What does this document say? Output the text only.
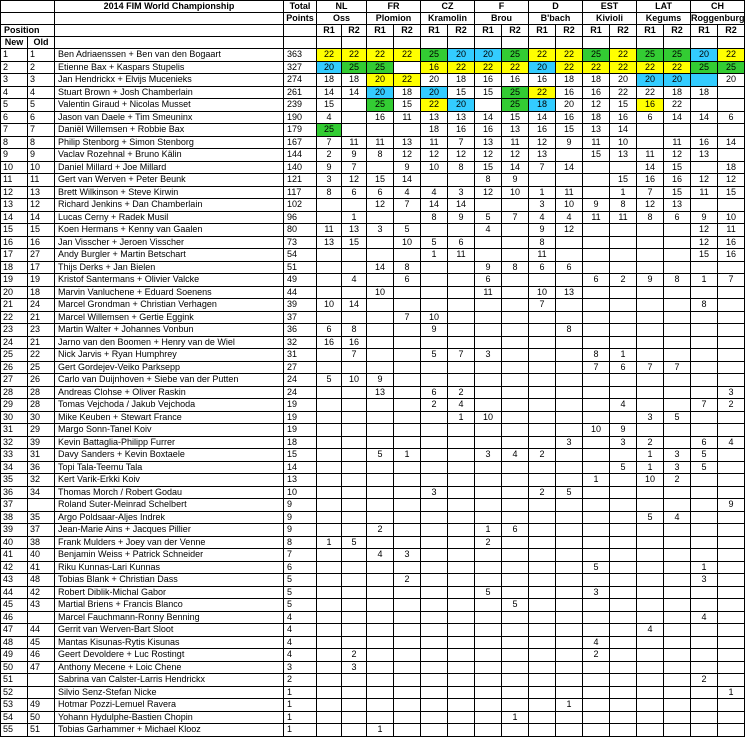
		2014 FIM World Championship	Total	NL		FR		CZ		F		D		EST		LAT		CH	
			Points	Oss		Plomion		Kramolin		Brou		B'bach		Kivioli		Kegums		Roggenburg	
Position				R1	R2	R1	R2	R1	R2	R1	R2	R1	R2	R1	R2	R1	R2	R1	R2
New	Old																		
1	1	Ben Adriaenssen + Ben van den Bogaart	363	22	22	22	22	25	20	20	25	22	22	25	22	25	25	20	22
2	2	Etienne Bax + Kaspars Stupelis	327	20	25	25		16	22	22	22	20	22	22	22	22	22	25	25
3	3	Jan Hendrickx + Elvijs Mucenieks	274	18	18	20	22	20	18	16	16	16	18	18	20	20	20		20
4	4	Stuart Brown + Josh Chamberlain	261	14	14	20	18	20	15	15	25	22	16	16	22	22	18	18	
5	5	Valentin Giraud + Nicolas Musset	239	15		25	15	22	20		25	18	20	12	15	16	22		
6	6	Jason van Daele + Tim Smeuninx	190	4		16	11	13	13	14	15	14	16	18	16	6	14	14	6
7	7	Daniël Willemsen + Robbie Bax	179	25				18	16	16	13	16	15	13	14				
8	8	Philip Stenborg + Simon Stenborg	167	7	11	11	13	11	7	13	11	12	9	11	10		11	16	14
9	9	Vaclav Rozehnal + Bruno Kälin	144	2	9	8	12	12	12	12	12	13		15	13	11	12	13	
10	10	Daniel Millard + Joe Millard	140	9	7		9	10	8	15	14	7	14			14	15		18
11	11	Gert van Werven + Peter Beunk	121	3	12	15	14			8	9				15	16	16	12	12
12	13	Brett Wilkinson + Steve Kirwin	117	8	6	6	4	4	3	12	10	1	11		1	7	15	11	15
13	12	Richard Jenkins + Dan Chamberlain	102			12	7	14	14			3	10	9	8	12	13		
14	14	Lucas Cerny + Radek Musil	96		1			8	9	5	7	4	4	11	11	8	6	9	10
15	15	Koen Hermans + Kenny van Gaalen	80	11	13	3	5			4		9	12					12	11
16	16	Jan Visscher + Jeroen Visscher	73	13	15		10	5	6			8						12	16
17	27	Andy Burgler + Martin Betschart	54					1	11			11						15	16
18	17	Thijs Derks + Jan Bielen	51			14	8			9	8	6	6						
19	19	Kristof Santermans + Olivier Valcke	49		4		6			6				6	2	9	8	1	7
20	18	Marvin Vanluchene + Eduard Soenens	44			10				11		10	13						
21	24	Marcel Grondman + Christian Verhagen	39	10	14							7						8	
22	21	Marcel Willemsen + Gertie Eggink	37				7	10											
23	23	Martin Walter + Johannes Vonbun	36	6	8			9					8						
24	21	Jarno van den Boomen + Henry van de Wiel	32	16	16														
25	22	Nick Jarvis + Ryan Humphrey	31		7			5	7	3				8	1				
26	25	Gert Gordejev-Veiko Parksepp	27											7	6	7	7		
27	26	Carlo van Duijnhoven + Siebe van der Putten	24	5	10	9													
28	28	Andreas Clohse + Oliver Raskin	24			13		6	2										3
29	28	Tomas Vejchoda / Jakub Vejchoda	19					2	4						4			7	2
30	30	Mike Keuben + Stewart France	19						1	10						3	5		
31	29	Margo Sonn-Tanel Koiv	19											10	9				
32	39	Kevin Battaglia-Philipp Furrer	18										3		3	2		6	4
33	31	Davy Sanders + Kevin Boxtaele	15			5	1			3	4	2				1	3	5	
34	36	Topi Tala-Teemu Tala	14												5	1	3	5	
35	32	Kert Varik-Erkki Koiv	13											1		10	2		
36	34	Thomas Morch / Robert Godau	10					3				2	5						
37		Roland Suter-Meinrad Schelbert	9																9
38	35	Argo Poldsaar-Aljes Indrek	9													5	4		
39	37	Jean-Marie Ains + Jacques Pillier	9			2				1	6								
40	38	Frank Mulders + Joey van der Venne	8	1	5					2									
41	40	Benjamin Weiss + Patrick Schneider	7			4	3												
42	41	Riku Kunnas-Lari Kunnas	6											5				1	
43	48	Tobias Blank + Christian Dass	5				2											3	
44	42	Robert Diblik-Michal Gabor	5							5				3					
45	43	Martial Briens + Francis Blanco	5								5								
46		Marcel Fauchmann-Ronny Benning	4															4	
47	44	Gerrit van Werven-Bart Sloot	4													4			
48	45	Mantas Kisunas-Rytis Kisunas	4											4					
49	46	Geert Devoldere + Luc Rostingt	4		2									2					
50	47	Anthony Mecene + Loic Chene	3		3														
51		Sabrina van Calster-Larris Hendrickx	2															2	
52		Silvio Senz-Stefan Nicke	1																1
53	49	Hotmar Pozzi-Lemuel Ravera	1										1						
54	50	Yohann Hydulphe-Bastien Chopin	1								1								
55	51	Tobias Garhammer + Michael Klooz	1			1													
